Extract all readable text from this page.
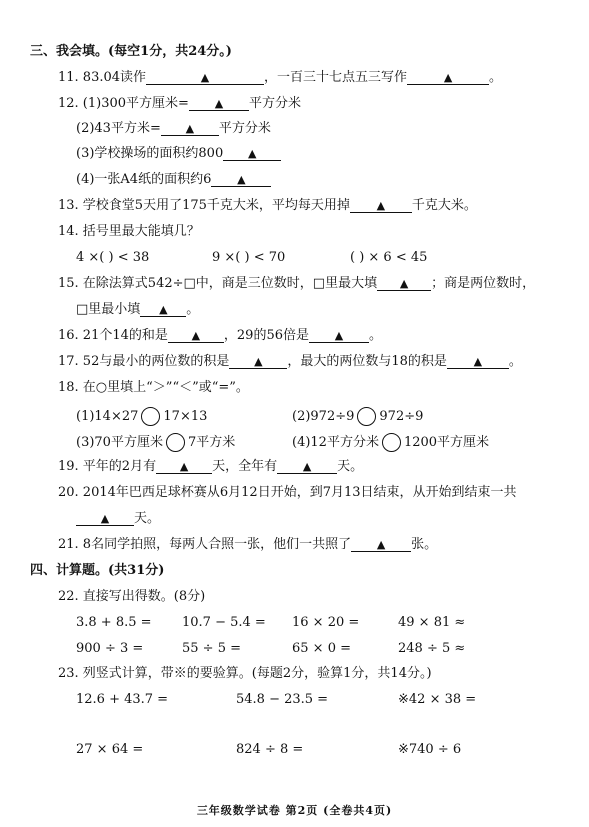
三、我会填。(每空1分，共24分。)
11. 83.04读作	▲	，一百三十七点五三写作	▲	。
12. (1)300平方厘米= ▲ 平方分米
(2)43平方米= ▲ 平方分米
(3)学校操场的面积约800 ▲
(4)一张A4纸的面积约6 ▲
13. 学校食堂5天用了175千克大米，平均每天用掉 ▲ 千克大米。
14. 括号里最大能填几？
4 ×( ) < 38	9 ×( ) < 70	( ) × 6 < 45
15. 在除法算式542÷□中，商是三位数时，□里最大填 ▲ ；商是两位数时，
□里最小填 ▲ 。
16. 21个14的和是 ▲ ，29的56倍是 ▲ 。
17. 52与最小的两位数的积是 ▲ ，最大的两位数与18的积是 ▲ 。
18. 在○里填上“＞”“＜”或“=”。
(1)14×27 17×13	(2)972÷9 972÷9
(3)70平方厘米 7平方米	(4)12平方分米 1200平方厘米
19. 平年的2月有 ▲ 天，全年有 ▲ 天。
20. 2014年巴西足球杯赛从6月12日开始，到7月13日结束，从开始到结束一共
▲ 天。
21. 8名同学拍照，每两人合照一张，他们一共照了 ▲ 张。
四、计算题。(共31分)
22. 直接写出得数。(8分)
3.8 + 8.5 = 10.7 − 5.4 = 16 × 20 =	49 × 81 ≈
900 ÷ 3 =	55 ÷ 5 =	65 × 0 =	248 ÷ 5 ≈
23. 列竖式计算，带※的要验算。(每题2分，验算1分，共14分。)
12.6 + 43.7 =	54.8 − 23.5 =	※42 × 38 =
27 × 64 =	824 ÷ 8 =	※740 ÷ 6
三年级数学试卷 第2页 (全卷共4页)
